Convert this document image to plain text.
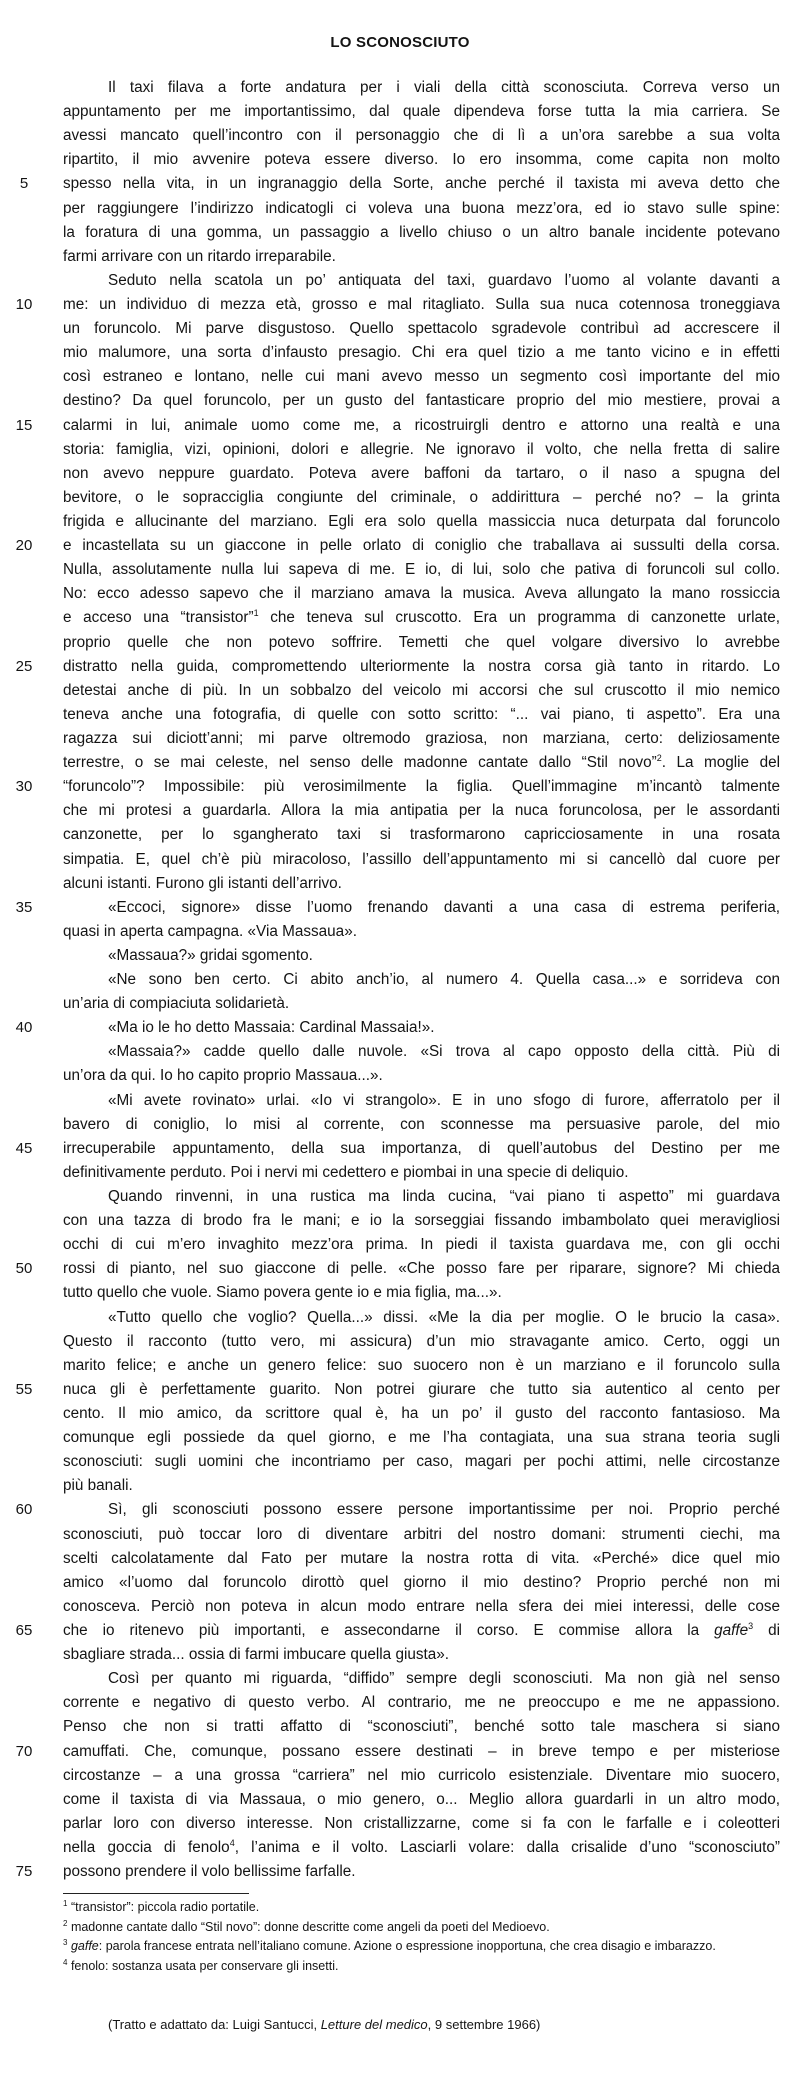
LO SCONOSCIUTO
Il taxi filava a forte andatura per i viali della città sconosciuta. Correva verso un
appuntamento per me importantissimo, dal quale dipendeva forse tutta la mia carriera. Se
avessi mancato quell’incontro con il personaggio che di lì a un’ora sarebbe a sua volta
ripartito, il mio avvenire poteva essere diverso. Io ero insomma, come capita non molto
5	spesso nella vita, in un ingranaggio della Sorte, anche perché il taxista mi aveva detto che
per raggiungere l’indirizzo indicatogli ci voleva una buona mezz’ora, ed io stavo sulle spine:
la foratura di una gomma, un passaggio a livello chiuso o un altro banale incidente potevano
farmi arrivare con un ritardo irreparabile.
Seduto nella scatola un po’ antiquata del taxi, guardavo l’uomo al volante davanti a
10 me: un individuo di mezza età, grosso e mal ritagliato. Sulla sua nuca cotennosa troneggiava
un foruncolo. Mi parve disgustoso. Quello spettacolo sgradevole contribuì ad accrescere il
mio malumore, una sorta d’infausto presagio. Chi era quel tizio a me tanto vicino e in effetti
così estraneo e lontano, nelle cui mani avevo messo un segmento così importante del mio
destino? Da quel foruncolo, per un gusto del fantasticare proprio del mio mestiere, provai a
15 calarmi in lui, animale uomo come me, a ricostruirgli dentro e attorno una realtà e una
storia: famiglia, vizi, opinioni, dolori e allegrie. Ne ignoravo il volto, che nella fretta di salire
non avevo neppure guardato. Poteva avere baffoni da tartaro, o il naso a spugna del
bevitore, o le sopracciglia congiunte del criminale, o addirittura – perché no? – la grinta
frigida e allucinante del marziano. Egli era solo quella massiccia nuca deturpata dal foruncolo
20 e incastellata su un giaccone in pelle orlato di coniglio che traballava ai sussulti della corsa.
Nulla, assolutamente nulla lui sapeva di me. E io, di lui, solo che pativa di foruncoli sul collo.
No: ecco adesso sapevo che il marziano amava la musica. Aveva allungato la mano rossiccia
e acceso una “transistor”$^1$ che teneva sul cruscotto. Era un programma di canzonette urlate,
proprio quelle che non potevo soffrire. Temetti che quel volgare diversivo lo avrebbe
25 distratto nella guida, compromettendo ulteriormente la nostra corsa già tanto in ritardo. Lo
detestai anche di più. In un sobbalzo del veicolo mi accorsi che sul cruscotto il mio nemico
teneva anche una fotografia, di quelle con sotto scritto: “... vai piano, ti aspetto”. Era una
ragazza sui diciott’anni; mi parve oltremodo graziosa, non marziana, certo: deliziosamente
terrestre, o se mai celeste, nel senso delle madonne cantate dallo “Stil novo”$^2$. La moglie del
30 “foruncolo”? Impossibile: più verosimilmente la figlia. Quell’immagine m’incantò talmente
che mi protesi a guardarla. Allora la mia antipatia per la nuca foruncolosa, per le assordanti
canzonette, per lo sgangherato taxi si trasformarono capricciosamente in una rosata
simpatia. E, quel ch’è più miracoloso, l’assillo dell’appuntamento mi si cancellò dal cuore per
alcuni istanti. Furono gli istanti dell’arrivo.
35	«Eccoci, signore» disse l’uomo frenando davanti a una casa di estrema periferia,
quasi in aperta campagna. «Via Massaua».
«Massaua?» gridai sgomento.
«Ne sono ben certo. Ci abito anch’io, al numero 4. Quella casa...» e sorrideva con
un’aria di compiaciuta solidarietà.
40	«Ma io le ho detto Massaia: Cardinal Massaia!».
«Massaia?» cadde quello dalle nuvole. «Si trova al capo opposto della città. Più di
un’ora da qui. Io ho capito proprio Massaua...».
«Mi avete rovinato» urlai. «Io vi strangolo». E in uno sfogo di furore, afferratolo per il
bavero di coniglio, lo misi al corrente, con sconnesse ma persuasive parole, del mio
45 irrecuperabile appuntamento, della sua importanza, di quell’autobus del Destino per me
definitivamente perduto. Poi i nervi mi cedettero e piombai in una specie di deliquio.
Quando rinvenni, in una rustica ma linda cucina, “vai piano ti aspetto” mi guardava
con una tazza di brodo fra le mani; e io la sorseggiai fissando imbambolato quei meravigliosi
occhi di cui m’ero invaghito mezz’ora prima. In piedi il taxista guardava me, con gli occhi
50 rossi di pianto, nel suo giaccone di pelle. «Che posso fare per riparare, signore? Mi chieda
tutto quello che vuole. Siamo povera gente io e mia figlia, ma...».
«Tutto quello che voglio? Quella...» dissi. «Me la dia per moglie. O le brucio la casa».
Questo il racconto (tutto vero, mi assicura) d’un mio stravagante amico. Certo, oggi un
marito felice; e anche un genero felice: suo suocero non è un marziano e il foruncolo sulla
55 nuca gli è perfettamente guarito. Non potrei giurare che tutto sia autentico al cento per
cento. Il mio amico, da scrittore qual è, ha un po’ il gusto del racconto fantasioso. Ma
comunque egli possiede da quel giorno, e me l’ha contagiata, una sua strana teoria sugli
sconosciuti: sugli uomini che incontriamo per caso, magari per pochi attimi, nelle circostanze
più banali.
60	Sì, gli sconosciuti possono essere persone importantissime per noi. Proprio perché
sconosciuti, può toccar loro di diventare arbitri del nostro domani: strumenti ciechi, ma
scelti calcolatamente dal Fato per mutare la nostra rotta di vita. «Perché» dice quel mio
amico «l’uomo dal foruncolo dirottò quel giorno il mio destino? Proprio perché non mi
conosceva. Perciò non poteva in alcun modo entrare nella sfera dei miei interessi, delle cose
65 che io ritenevo più importanti, e assecondarne il corso. E commise allora la gaffe$^3$ di
sbagliare strada... ossia di farmi imbucare quella giusta».
Così per quanto mi riguarda, “diffido” sempre degli sconosciuti. Ma non già nel senso
corrente e negativo di questo verbo. Al contrario, me ne preoccupo e me ne appassiono.
Penso che non si tratti affatto di “sconosciuti”, benché sotto tale maschera si siano
70 camuffati. Che, comunque, possano essere destinati – in breve tempo e per misteriose
circostanze – a una grossa “carriera” nel mio curricolo esistenziale. Diventare mio suocero,
come il taxista di via Massaua, o mio genero, o... Meglio allora guardarli in un altro modo,
parlar loro con diverso interesse. Non cristallizzarne, come si fa con le farfalle e i coleotteri
nella goccia di fenolo$^4$, l’anima e il volto. Lasciarli volare: dalla crisalide d’uno “sconosciuto”
75 possono prendere il volo bellissime farfalle.
$^1$ “transistor”: piccola radio portatile.
$^2$ madonne cantate dallo “Stil novo”: donne descritte come angeli da poeti del Medioevo.
$^3$ gaffe: parola francese entrata nell’italiano comune. Azione o espressione inopportuna, che crea disagio e imbarazzo.
$^4$ fenolo: sostanza usata per conservare gli insetti.
(Tratto e adattato da: Luigi Santucci, Letture del medico, 9 settembre 1966)
